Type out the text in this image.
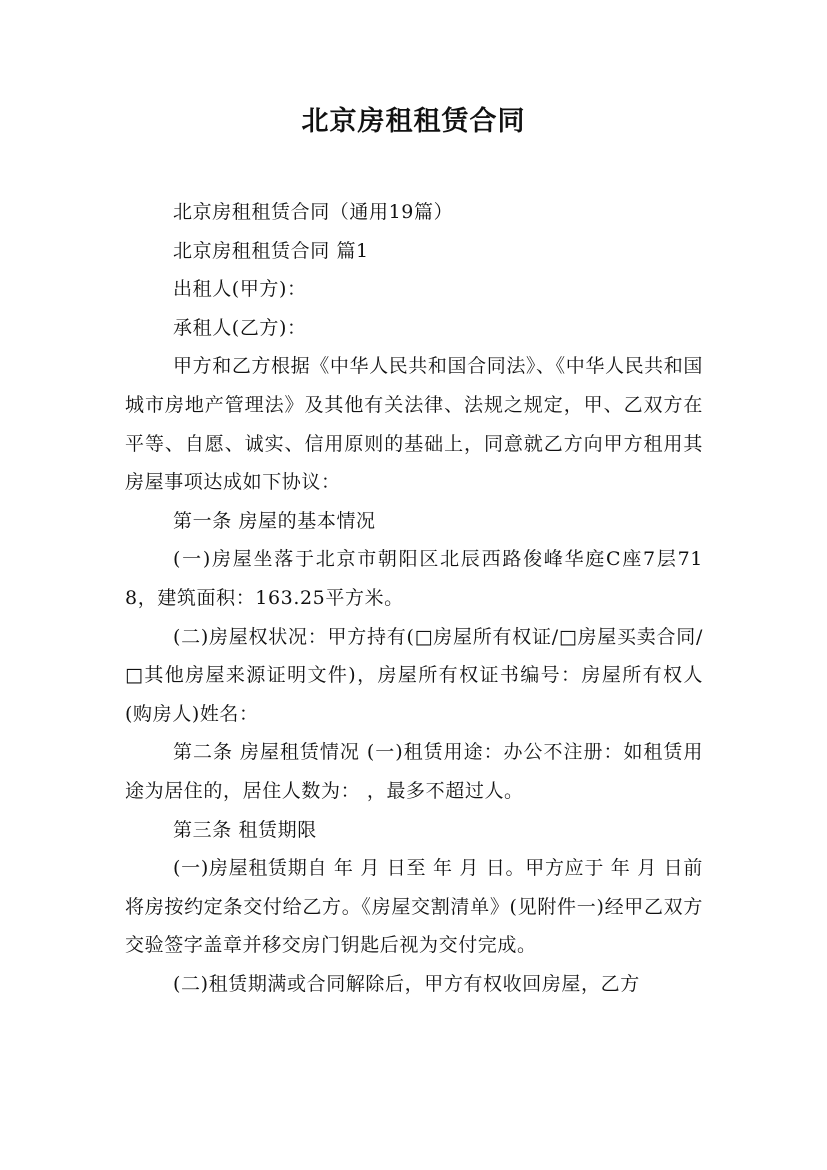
北京房租租赁合同

北京房租租赁合同（通用19篇）

北京房租租赁合同 篇1

出租人(甲方)：

承租人(乙方)：

甲方和乙方根据《中华人民共和国合同法》、《中华人民共和国城市房地产管理法》及其他有关法律、法规之规定，甲、乙双方在平等、自愿、诚实、信用原则的基础上，同意就乙方向甲方租用其房屋事项达成如下协议：

第一条 房屋的基本情况

(一)房屋坐落于北京市朝阳区北辰西路俊峰华庭C座7层718，建筑面积：163.25平方米。

(二)房屋权状况：甲方持有(□房屋所有权证/□房屋买卖合同/□其他房屋来源证明文件)，房屋所有权证书编号：房屋所有权人(购房人)姓名：

第二条 房屋租赁情况 (一)租赁用途：办公不注册：如租赁用途为居住的，居住人数为： ，最多不超过人。

第三条 租赁期限

(一)房屋租赁期自 年 月 日至 年 月 日。甲方应于 年 月 日前将房按约定条交付给乙方。《房屋交割清单》(见附件一)经甲乙双方交验签字盖章并移交房门钥匙后视为交付完成。

(二)租赁期满或合同解除后，甲方有权收回房屋，乙方
